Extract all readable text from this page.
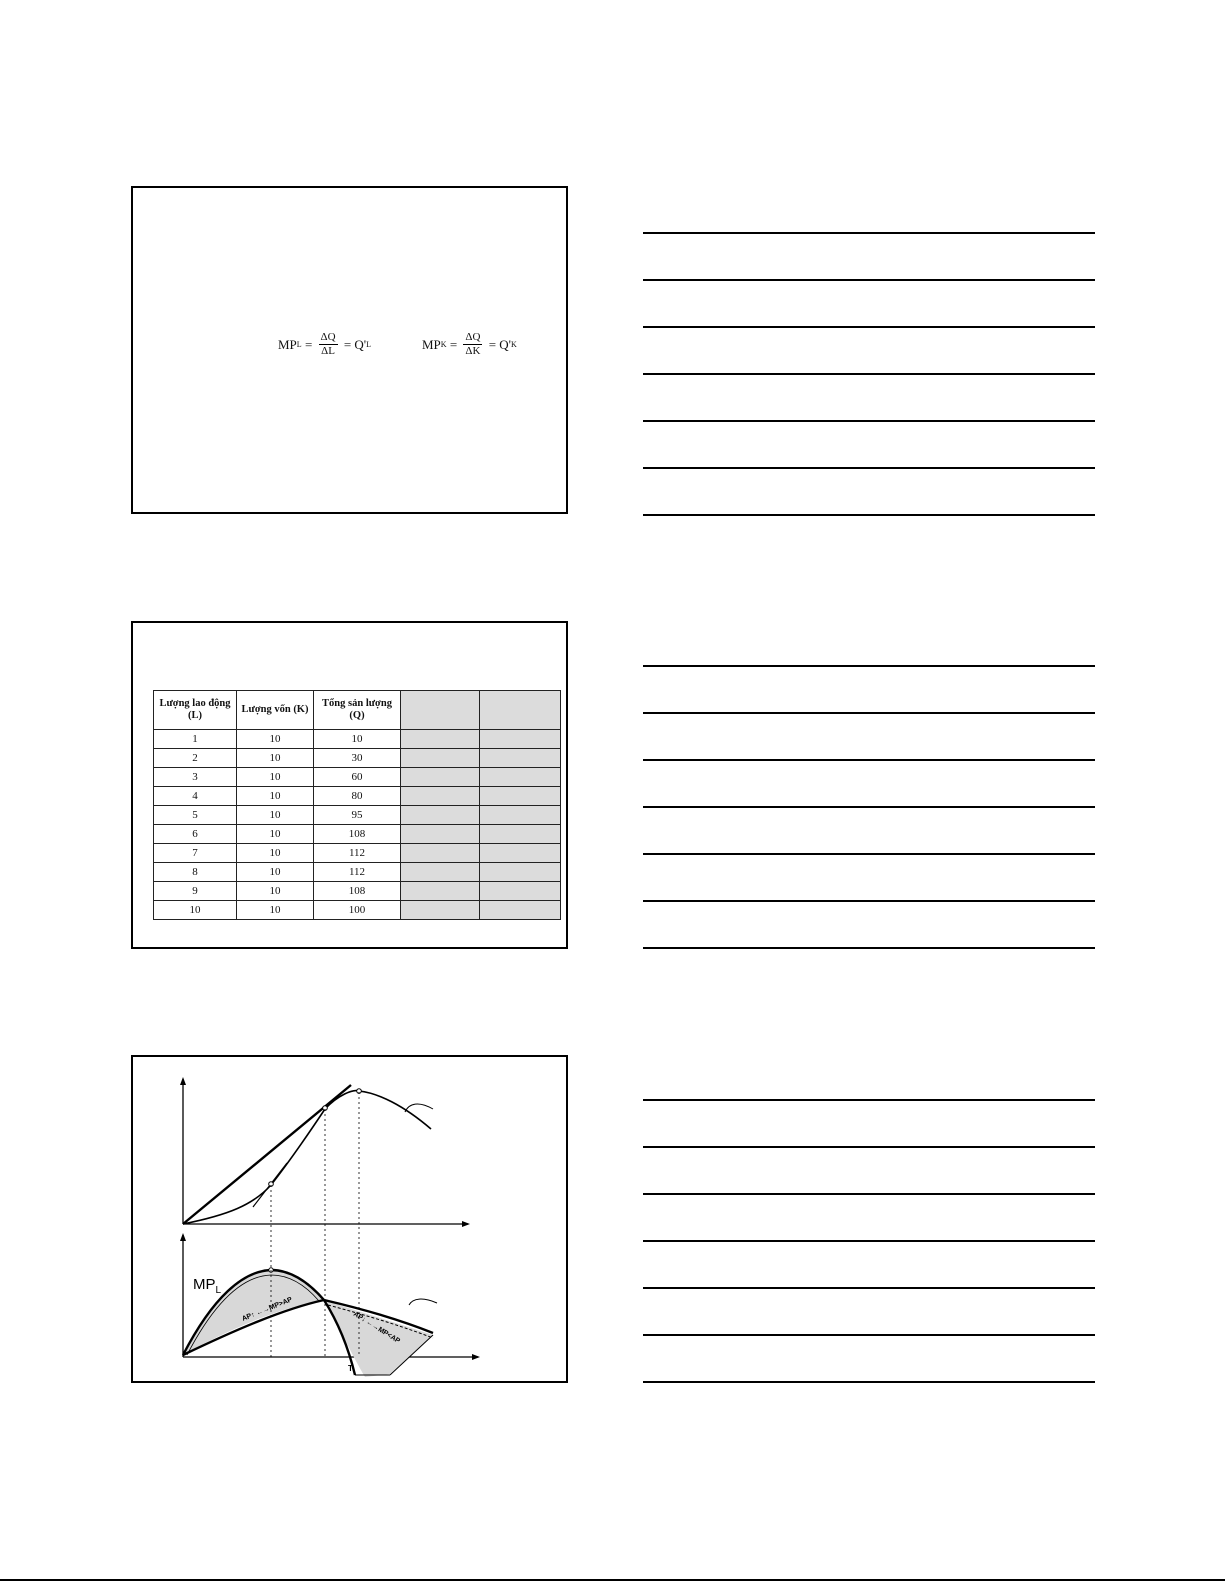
MP $L = \frac{\Delta Q}{\Delta L} = Q'$ L	MP $K = \frac{\Delta Q}{\Delta K} = Q'$ K
Lượng lao động (L)	Lượng vốn (K)	Tổng sản lượng (Q)		
1	10	10		
2	10	30		
3	10	60		
4	10	80		
5	10	95		
6	10	108		
7	10	112		
8	10	112		
9	10	108		
10	10	100		
$MP_L$
AP↑ ←→MP>AP
AP↓ ←→MP<AP
T
